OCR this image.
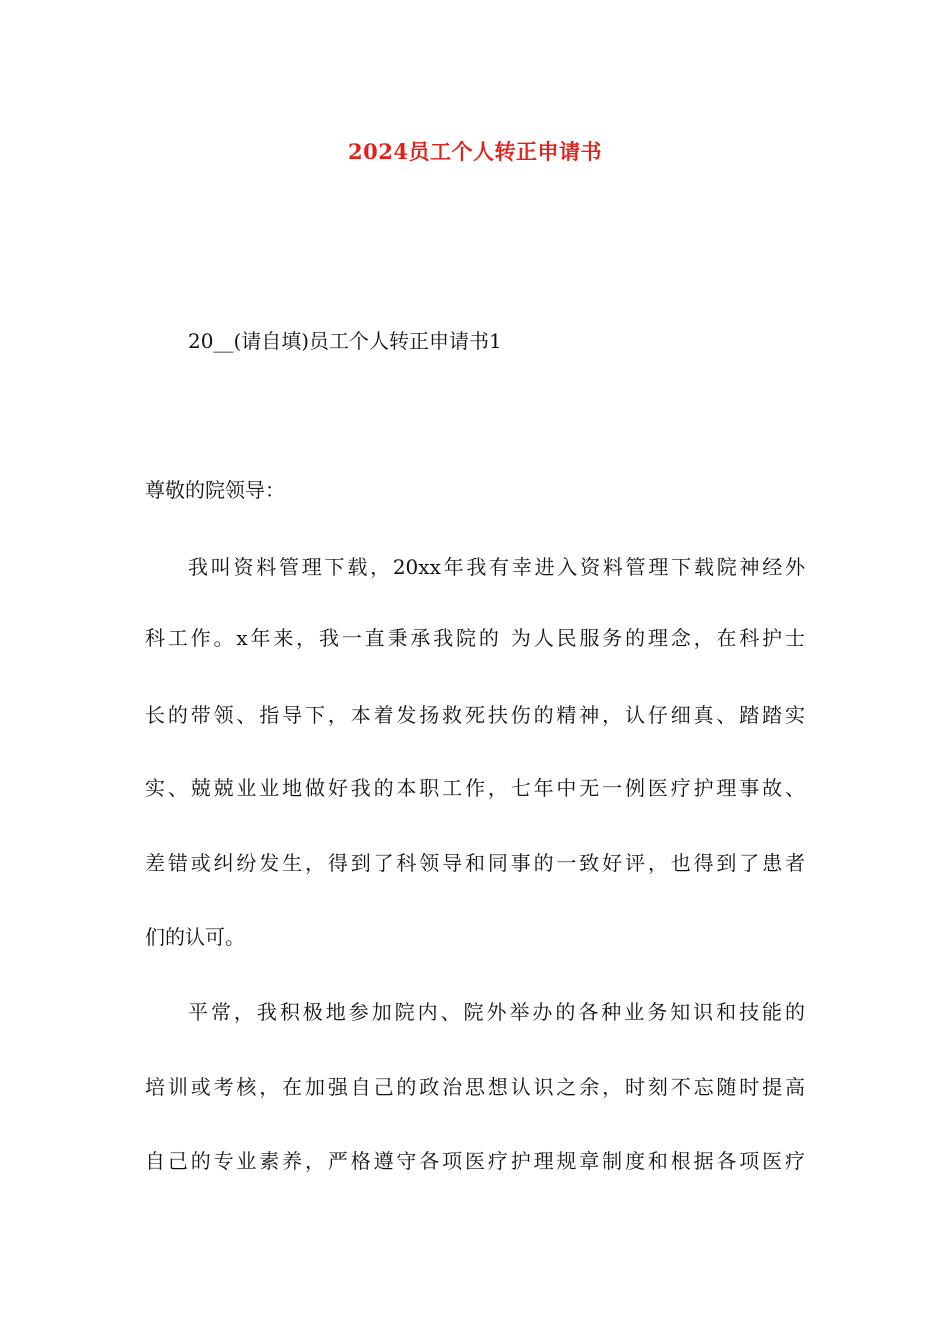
2024员工个人转正申请书
20__(请自填)员工个人转正申请书1
尊敬的院领导：
我叫资料管理下载，20xx年我有幸进入资料管理下载院神经外
科工作。x年来，我一直秉承我院的 为人民服务的理念，在科护士
长的带领、指导下，本着发扬救死扶伤的精神，认仔细真、踏踏实
实、兢兢业业地做好我的本职工作，七年中无一例医疗护理事故、
差错或纠纷发生，得到了科领导和同事的一致好评，也得到了患者
们的认可。
平常，我积极地参加院内、院外举办的各种业务知识和技能的
培训或考核，在加强自己的政治思想认识之余，时刻不忘随时提高
自己的专业素养，严格遵守各项医疗护理规章制度和根据各项医疗
